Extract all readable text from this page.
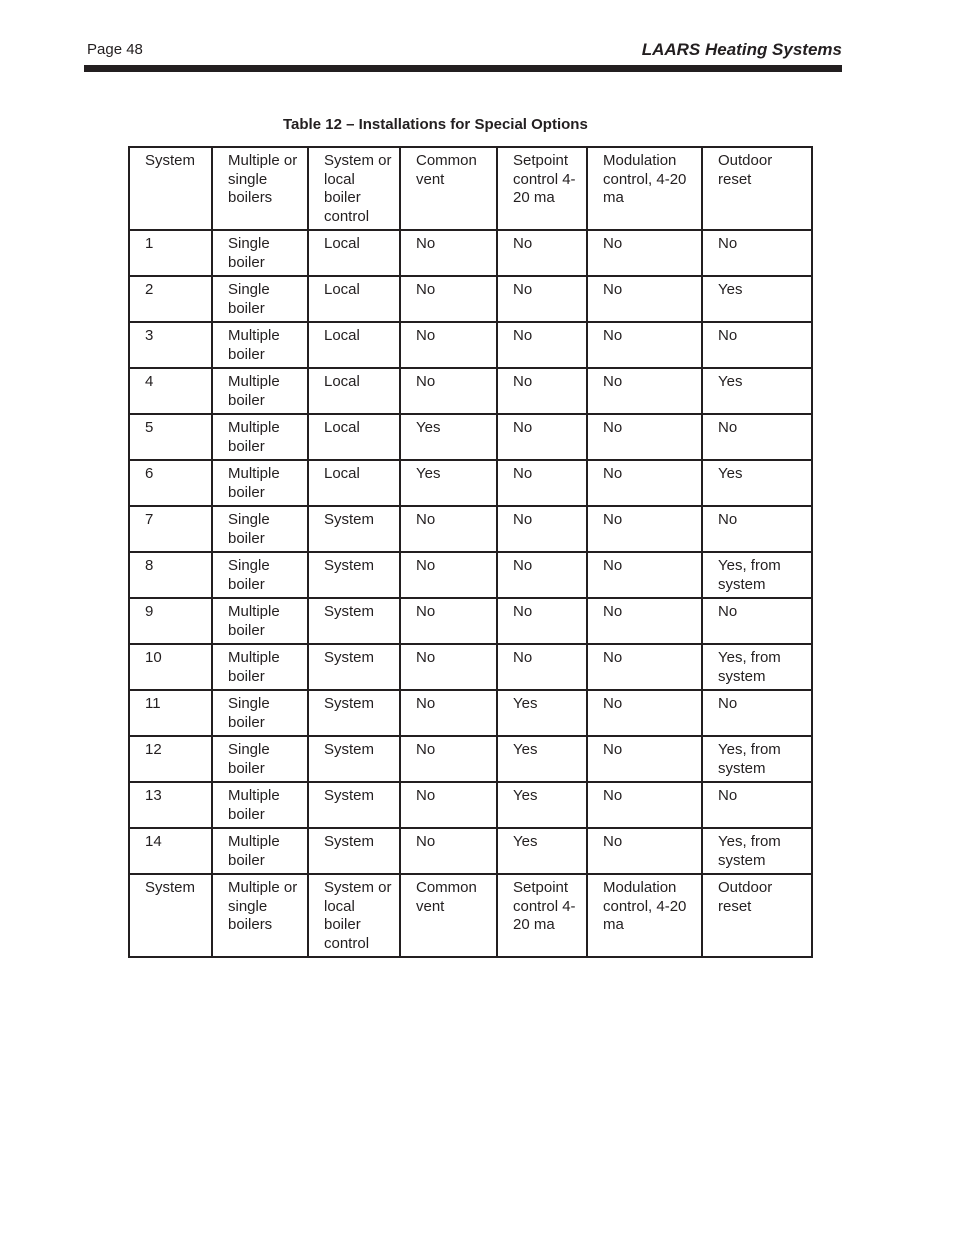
Page 48	LAARS Heating Systems
Table 12 – Installations for Special Options
System	Multiple or single boilers	System or local boiler control	Common vent	Setpoint control 4-20 ma	Modulation control, 4-20 ma	Outdoor reset
1	Single boiler	Local	No	No	No	No
2	Single boiler	Local	No	No	No	Yes
3	Multiple boiler	Local	No	No	No	No
4	Multiple boiler	Local	No	No	No	Yes
5	Multiple boiler	Local	Yes	No	No	No
6	Multiple boiler	Local	Yes	No	No	Yes
7	Single boiler	System	No	No	No	No
8	Single boiler	System	No	No	No	Yes, from system
9	Multiple boiler	System	No	No	No	No
10	Multiple boiler	System	No	No	No	Yes, from system
11	Single boiler	System	No	Yes	No	No
12	Single boiler	System	No	Yes	No	Yes, from system
13	Multiple boiler	System	No	Yes	No	No
14	Multiple boiler	System	No	Yes	No	Yes, from system
System	Multiple or single boilers	System or local boiler control	Common vent	Setpoint control 4-20 ma	Modulation control, 4-20 ma	Outdoor reset
